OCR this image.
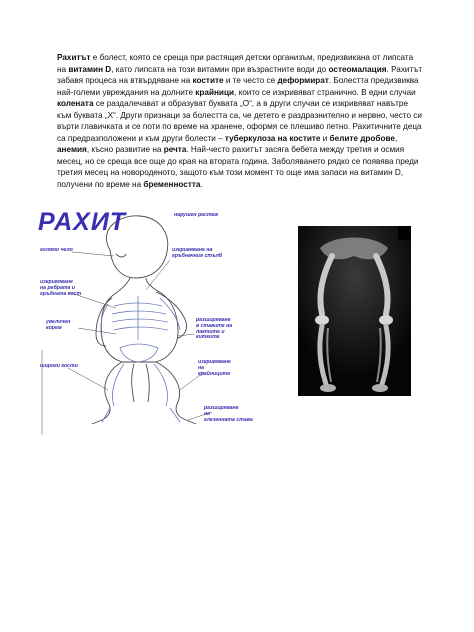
Рахитът е болест, която се среща при растящия детски организъм, предизвикана от липсата на витамин D, като липсата на този витамин при възрастните води до остеомалация. Рахитът забавя процеса на втвърдяване на костите и те често се деформират. Болестта предизвиква най-големи увреждания на долните крайници, които се изкривяват странично. В едни случаи колената се раздалечават и образуват буквата „О“, а в други случаи се изкривяват навътре към буквата „Х“. Други признаци за болестта са, че детето е раздразнително и нервно, често си върти главичката и се поти по време на хранене, оформя се плешиво петно. Рахитичните деца са предразположени и към други болести – туберкулоза на костите и белите дробове, анемия, късно развитие на речта. Най-често рахитът засяга бебета между третия и осмия месец, но се среща все още до края на втората година. Заболяването рядко се появява преди третия месец на новороденото, защото към този момент то още има запаси на витамин D, получени по време на бременността.

РАХИТ	нарушен растеж
голямо чело	изкривяване на
гръбначния стълб
изкривяване
на ребрата и
гръдната кост
разширяване
в ставите на
лактите и
китките
увеличен
корем
широки кости
изкривяване
на
крайниците
разширяване
на
глезенната става
